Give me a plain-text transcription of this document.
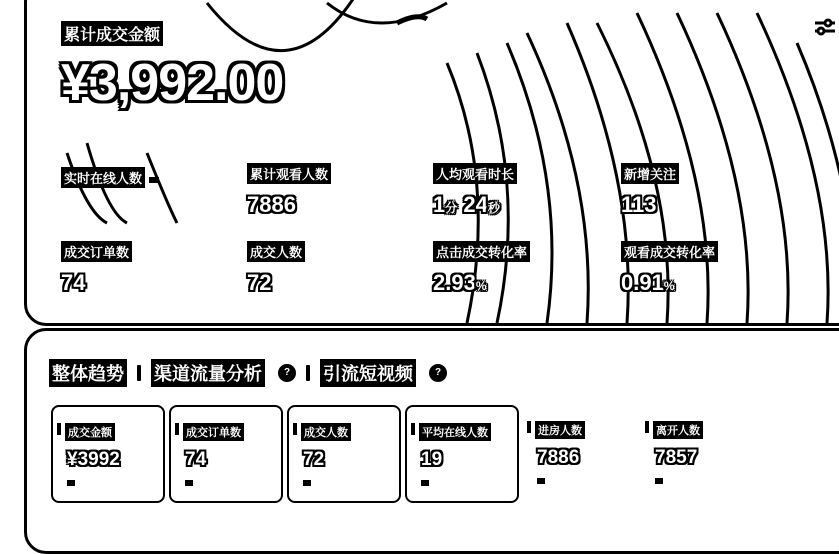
累计成交金额
¥3,992.00
实时在线人数	累计观看人数
7886
人均观看时长
1分 24秒
新增关注
113
成交订单数
74
成交人数
72
点击成交转化率
2.93%
观看成交转化率
0.91%
整体趋势 渠道流量分析	?	引流短视频	?
成交金额
¥3992
成交订单数
74
成交人数
72
平均在线人数
19
进房人数
7886
离开人数
7857
